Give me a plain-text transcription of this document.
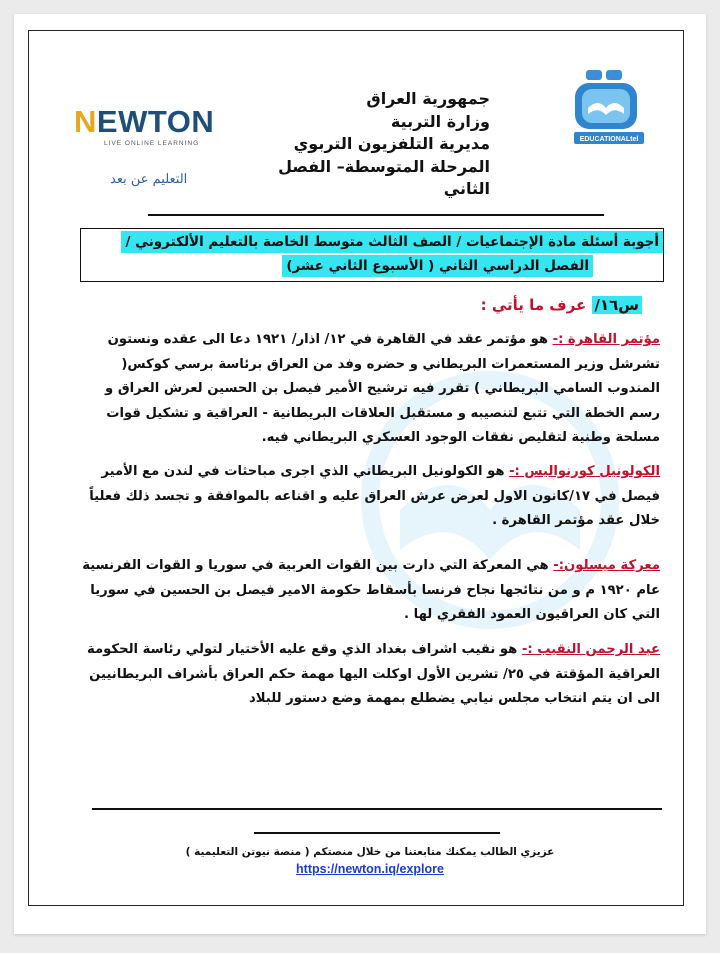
N EWTON
LIVE ONLINE LEARNING
التعليم عن بعد
جمهورية العراق
وزارة التربية
مديرية التلفزيون التربوي
المرحلة المتوسطة– الفصل الثاني
EDUCATIONALtel
أجوبة أسئلة مادة الإجتماعيات / الصف الثالث متوسط الخاصة بالتعليم الألكتروني /
الفصل الدراسي الثاني ( الأسبوع الثاني عشر)
س١٦/ عرف ما يأتي :
مؤتمر القاهرة :- هو مؤتمر عقد في القاهرة في ١٢/ اذار/ ١٩٢١ دعا الى عقده ونستون تشرشل وزير المستعمرات البريطاني و حضره وفد من العراق برئاسة برسي كوكس( المندوب السامي البريطاني ) تقرر فيه ترشيح الأمير فيصل بن الحسين لعرش العراق و رسم الخطة التي تتبع لتنصيبه و مستقبل العلاقات البريطانية - العراقية و تشكيل قوات مسلحة وطنية لتقليص نفقات الوجود العسكري البريطاني فيه.
الكولونيل كورنواليس :- هو الكولونيل البريطاني الذي اجرى مباحثات في لندن مع الأمير فيصل في ١٧/كانون الاول لعرض عرش العراق عليه و اقناعه بالموافقة و تجسد ذلك فعلياً خلال عقد مؤتمر القاهرة .
معركة ميسلون:- هي المعركة التي دارت بين القوات العربية في سوريا و القوات الفرنسية عام ١٩٢٠ م و من نتائجها نجاح فرنسا بأسقاط حكومة الامير فيصل بن الحسين في سوريا التي كان العراقيون العمود الفقري لها .
عبد الرحمن النقيب :- هو نقيب اشراف بغداد الذي وقع عليه الأختيار لتولي رئاسة الحكومة العراقية المؤقتة في ٢٥/ تشرين الأول اوكلت اليها مهمة حكم العراق بأشراف البريطانيين الى ان يتم انتخاب مجلس نيابي يضطلع بمهمة وضع دستور للبلاد
عزيزي الطالب يمكنك متابعتنا من خلال منصتكم ( منصة نيوتن التعليمية )
https://newton.iq/explore
